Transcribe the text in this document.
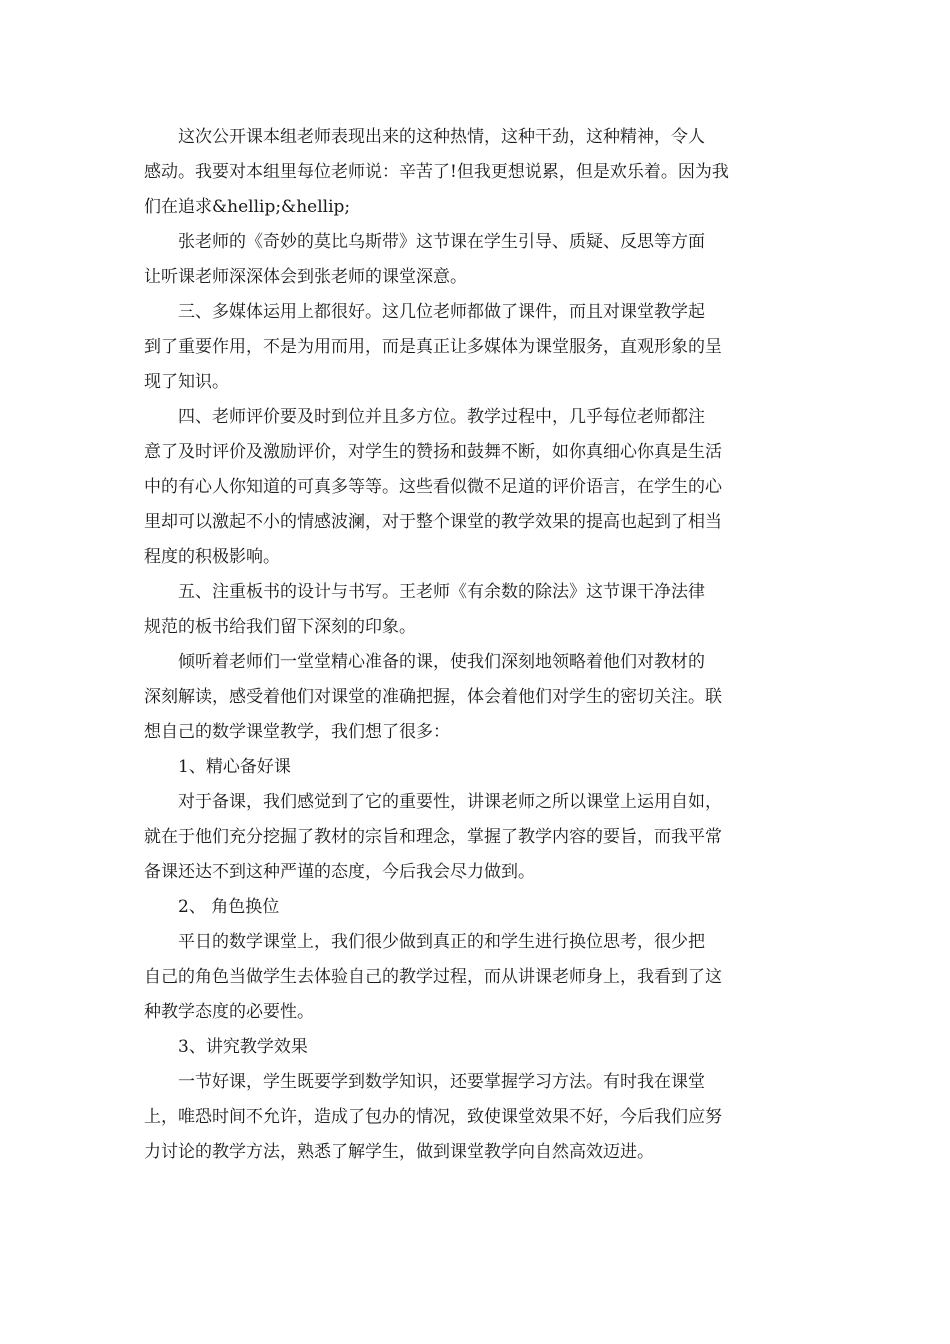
这次公开课本组老师表现出来的这种热情，这种干劲，这种精神，令人
感动。我要对本组里每位老师说：辛苦了!但我更想说累，但是欢乐着。因为我
们在追求&hellip;&hellip;

张老师的《奇妙的莫比乌斯带》这节课在学生引导、质疑、反思等方面
让听课老师深深体会到张老师的课堂深意。

三、多媒体运用上都很好。这几位老师都做了课件，而且对课堂教学起
到了重要作用，不是为用而用，而是真正让多媒体为课堂服务，直观形象的呈
现了知识。

四、老师评价要及时到位并且多方位。教学过程中，几乎每位老师都注
意了及时评价及激励评价，对学生的赞扬和鼓舞不断，如你真细心你真是生活
中的有心人你知道的可真多等等。这些看似微不足道的评价语言，在学生的心
里却可以激起不小的情感波澜，对于整个课堂的教学效果的提高也起到了相当
程度的积极影响。

五、注重板书的设计与书写。王老师《有余数的除法》这节课干净法律
规范的板书给我们留下深刻的印象。

倾听着老师们一堂堂精心准备的课，使我们深刻地领略着他们对教材的
深刻解读，感受着他们对课堂的准确把握，体会着他们对学生的密切关注。联
想自己的数学课堂教学，我们想了很多：

1、精心备好课

对于备课，我们感觉到了它的重要性，讲课老师之所以课堂上运用自如，
就在于他们充分挖掘了教材的宗旨和理念，掌握了教学内容的要旨，而我平常
备课还达不到这种严谨的态度，今后我会尽力做到。

2、 角色换位

平日的数学课堂上，我们很少做到真正的和学生进行换位思考，很少把
自己的角色当做学生去体验自己的教学过程，而从讲课老师身上，我看到了这
种教学态度的必要性。

3、讲究教学效果

一节好课，学生既要学到数学知识，还要掌握学习方法。有时我在课堂
上，唯恐时间不允许，造成了包办的情况，致使课堂效果不好，今后我们应努
力讨论的教学方法，熟悉了解学生，做到课堂教学向自然高效迈进。
